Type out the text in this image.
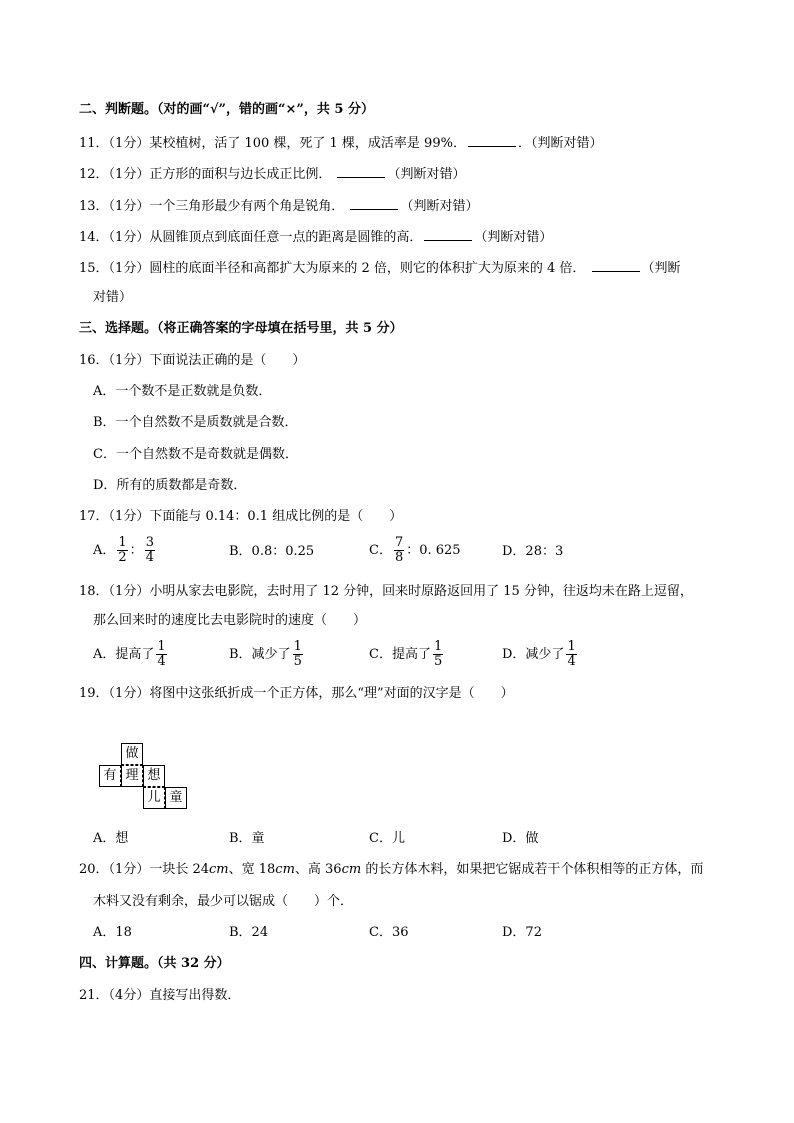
二、判断题。（对的画“√”，错的画“×”，共 5 分）
11．（1分）某校植树，活了 100 棵，死了 1 棵，成活率是 99%．	．（判断对错）
12．（1分）正方形的面积与边长成正比例．	（判断对错）
13．（1分）一个三角形最少有两个角是锐角．	（判断对错）
14．（1分）从圆锥顶点到底面任意一点的距离是圆锥的高．	（判断对错）
15．（1分）圆柱的底面半径和高都扩大为原来的 2 倍，则它的体积扩大为原来的 4 倍．	（判断
对错）
三、选择题。（将正确答案的字母填在括号里，共 5 分）
16．（1分）下面说法正确的是（　　）
A．一个数不是正数就是负数．
B．一个自然数不是质数就是合数．
C．一个自然数不是奇数就是偶数．
D．所有的质数都是奇数．
17．（1分）下面能与 0.14：0.1 组成比例的是（　　）
A． $\frac{1}{2}$ ： $\frac{3}{4}$	B．0.8：0.25	C． $\frac{7}{8}$ ：0. 625	D．28：3
18．（1分）小明从家去电影院，去时用了 12 分钟，回来时原路返回用了 15 分钟，往返均未在路上逗留，
那么回来时的速度比去电影院时的速度（　　）
A．提高了 $\frac{1}{4}$	B．减少了 $\frac{1}{5}$	C．提高了 $\frac{1}{5}$	D．减少了 $\frac{1}{4}$
19．（1分）将图中这张纸折成一个正方体，那么“理”对面的汉字是（　　）
做
有 理 想
儿 童
A．想	B．童	C．儿	D．做
20．（1分）一块长 24cm、宽 18cm、高 36cm 的长方体木料，如果把它锯成若干个体积相等的正方体，而
木料又没有剩余，最少可以锯成（　　）个．
A．18	B．24	C．36	D．72
四、计算题。（共 32 分）
21．（4分）直接写出得数．
